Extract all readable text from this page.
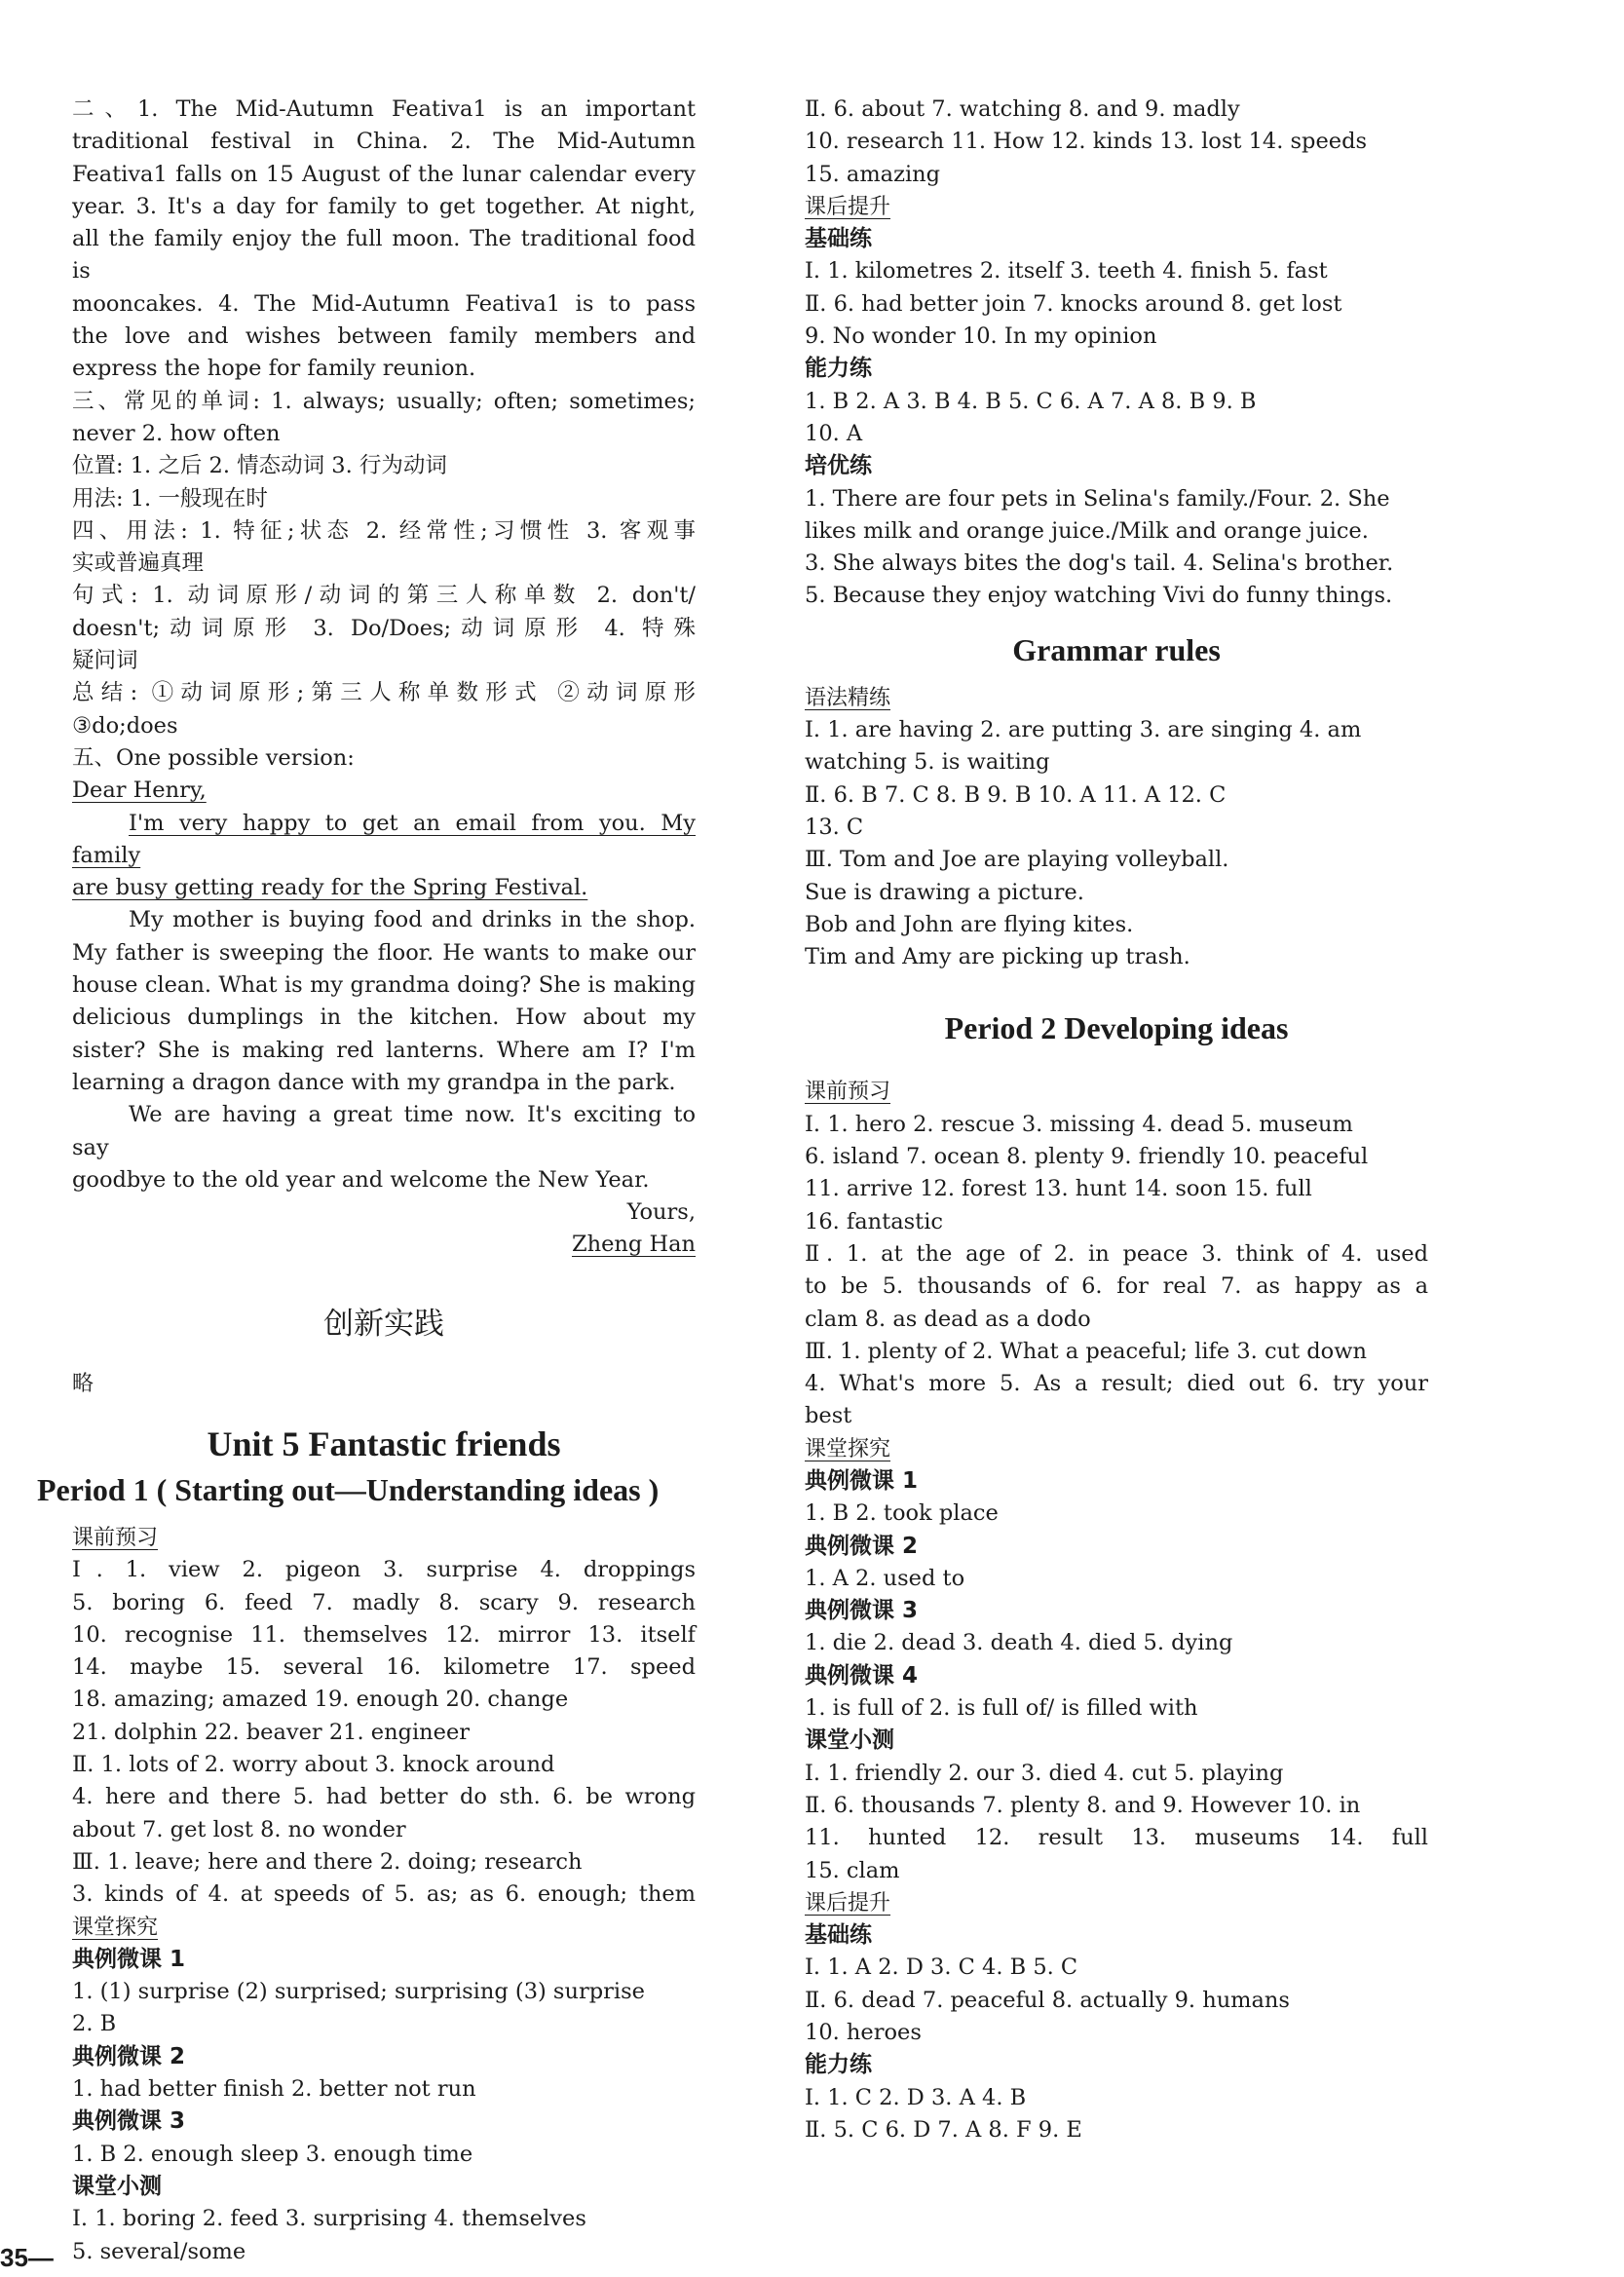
二、1. The Mid-Autumn Feativa1 is an important
traditional festival in China. 2. The Mid-Autumn
Feativa1 falls on 15 August of the lunar calendar every
year. 3. It's a day for family to get together. At night,
all the family enjoy the full moon. The traditional food is
mooncakes. 4. The Mid-Autumn Feativa1 is to pass
the love and wishes between family members and
express the hope for family reunion.
三、常见的单词: 1. always; usually; often; sometimes;
never 2. how often
位置: 1. 之后 2. 情态动词 3. 行为动词
用法: 1. 一般现在时
四、用法: 1. 特征;状态 2. 经常性;习惯性 3. 客观事
实或普遍真理
句式: 1. 动词原形/动词的第三人称单数 2. don't/
doesn't;动词原形 3. Do/Does;动词原形 4. 特殊
疑问词
总结: ①动词原形;第三人称单数形式 ②动词原形
③do;does
五、One possible version:
Dear Henry,
I'm very happy to get an email from you. My family
are busy getting ready for the Spring Festival.
My mother is buying food and drinks in the shop.
My father is sweeping the floor. He wants to make our
house clean. What is my grandma doing? She is making
delicious dumplings in the kitchen. How about my
sister? She is making red lanterns. Where am I? I'm
learning a dragon dance with my grandpa in the park.
We are having a great time now. It's exciting to say
goodbye to the old year and welcome the New Year.
Yours,
Zheng Han
创新实践
略
Unit 5 Fantastic friends
Period 1 ( Starting out—Understanding ideas )
课前预习
Ⅰ. 1. view 2. pigeon 3. surprise 4. droppings
5. boring 6. feed 7. madly 8. scary 9. research
10. recognise 11. themselves 12. mirror 13. itself
14. maybe 15. several 16. kilometre 17. speed
18. amazing; amazed 19. enough 20. change
21. dolphin 22. beaver 21. engineer
Ⅱ. 1. lots of 2. worry about 3. knock around
4. here and there 5. had better do sth. 6. be wrong
about 7. get lost 8. no wonder
Ⅲ. 1. leave; here and there 2. doing; research
3. kinds of 4. at speeds of 5. as; as 6. enough; them
课堂探究
典例微课 1
1. (1) surprise (2) surprised; surprising (3) surprise
2. B
典例微课 2
1. had better finish 2. better not run
典例微课 3
1. B 2. enough sleep 3. enough time
课堂小测
Ⅰ. 1. boring 2. feed 3. surprising 4. themselves
5. several/some
Ⅱ. 6. about 7. watching 8. and 9. madly
10. research 11. How 12. kinds 13. lost 14. speeds
15. amazing
课后提升
基础练
Ⅰ. 1. kilometres 2. itself 3. teeth 4. finish 5. fast
Ⅱ. 6. had better join 7. knocks around 8. get lost
9. No wonder 10. In my opinion
能力练
1. B 2. A 3. B 4. B 5. C 6. A 7. A 8. B 9. B
10. A
培优练
1. There are four pets in Selina's family./Four. 2. She
likes milk and orange juice./Milk and orange juice.
3. She always bites the dog's tail. 4. Selina's brother.
5. Because they enjoy watching Vivi do funny things.
Grammar rules
语法精练
Ⅰ. 1. are having 2. are putting 3. are singing 4. am
watching 5. is waiting
Ⅱ. 6. B 7. C 8. B 9. B 10. A 11. A 12. C
13. C
Ⅲ. Tom and Joe are playing volleyball.
Sue is drawing a picture.
Bob and John are flying kites.
Tim and Amy are picking up trash.
Period 2 Developing ideas
课前预习
Ⅰ. 1. hero 2. rescue 3. missing 4. dead 5. museum
6. island 7. ocean 8. plenty 9. friendly 10. peaceful
11. arrive 12. forest 13. hunt 14. soon 15. full
16. fantastic
Ⅱ. 1. at the age of 2. in peace 3. think of 4. used
to be 5. thousands of 6. for real 7. as happy as a
clam 8. as dead as a dodo
Ⅲ. 1. plenty of 2. What a peaceful; life 3. cut down
4. What's more 5. As a result; died out 6. try your
best
课堂探究
典例微课 1
1. B 2. took place
典例微课 2
1. A 2. used to
典例微课 3
1. die 2. dead 3. death 4. died 5. dying
典例微课 4
1. is full of 2. is full of/ is filled with
课堂小测
Ⅰ. 1. friendly 2. our 3. died 4. cut 5. playing
Ⅱ. 6. thousands 7. plenty 8. and 9. However 10. in
11. hunted 12. result 13. museums 14. full
15. clam
课后提升
基础练
Ⅰ. 1. A 2. D 3. C 4. B 5. C
Ⅱ. 6. dead 7. peaceful 8. actually 9. humans
10. heroes
能力练
Ⅰ. 1. C 2. D 3. A 4. B
Ⅱ. 5. C 6. D 7. A 8. F 9. E
35—
